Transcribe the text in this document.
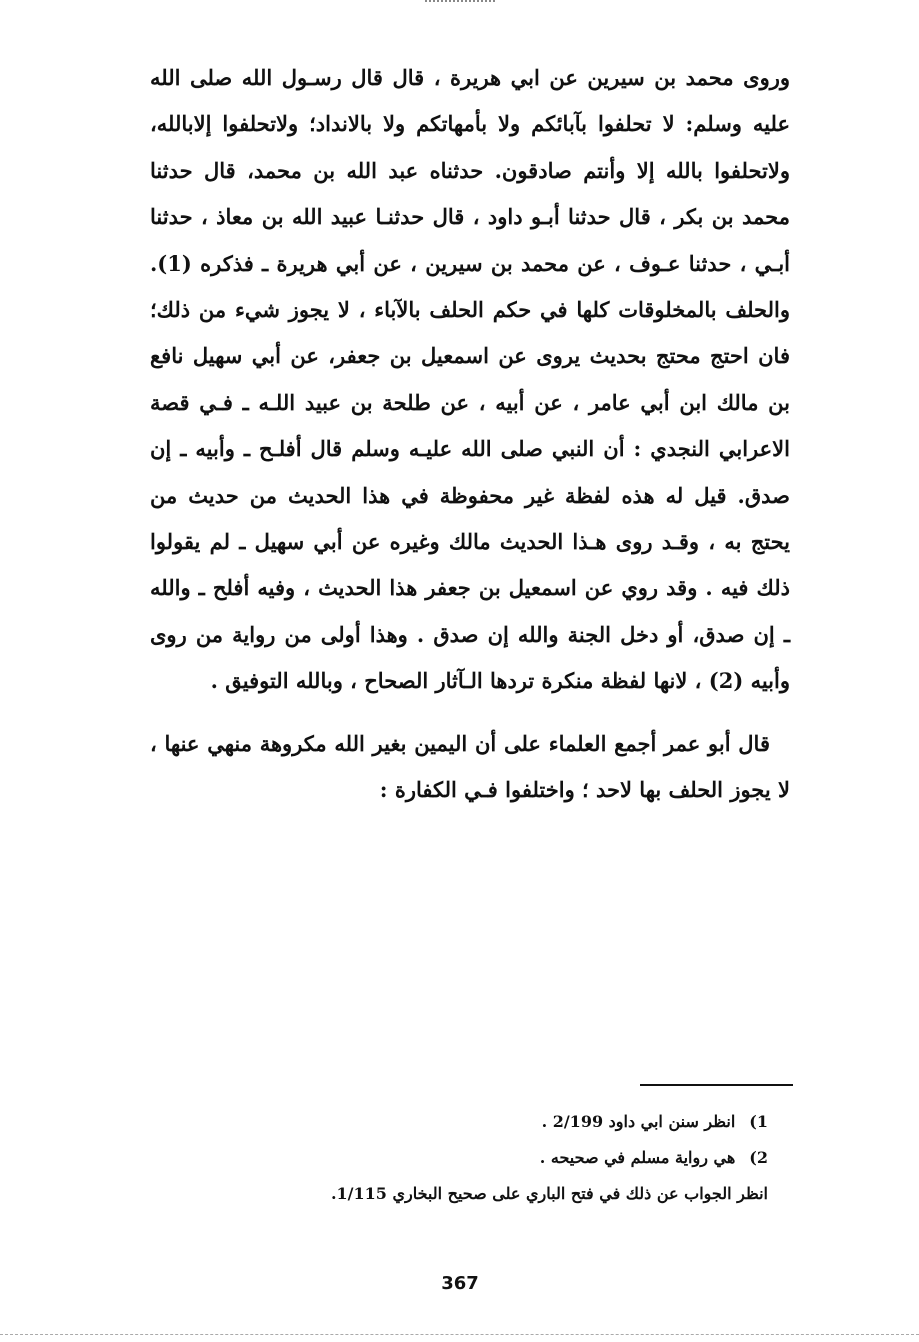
وروى محمد بن سيرين عن ابي هريرة ، قال قال رسـول الله صلى الله عليه وسلم: لا تحلفوا بآبائكم ولا بأمهاتكم ولا بالانداد؛ ولاتحلفوا إلابالله، ولاتحلفوا بالله إلا وأنتم صادقون. حدثناه عبد الله بن محمد، قال حدثنا محمد بن بكر ، قال حدثنا أبـو داود ، قال حدثنـا عبيد الله بن معاذ ، حدثنا أبـي ، حدثنا عـوف ، عن محمد بن سيرين ، عن أبي هريرة ـ فذكره (1). والحلف بالمخلوقات كلها في حكم الحلف بالآباء ، لا يجوز شيء من ذلك؛ فان احتج محتج بحديث يروى عن اسمعيل بن جعفر، عن أبي سهيل نافع بن مالك ابن أبي عامر ، عن أبيه ، عن طلحة بن عبيد اللـه ـ فـي قصة الاعرابي النجدي : أن النبي صلى الله عليـه وسلم قال أفلـح ـ وأبيه ـ إن صدق. قيل له هذه لفظة غير محفوظة في هذا الحديث من حديث من يحتج به ، وقـد روى هـذا الحديث مالك وغيره عن أبي سهيل ـ لم يقولوا ذلك فيه . وقد روي عن اسمعيل بن جعفر هذا الحديث ، وفيه أفلح ـ والله ـ إن صدق، أو دخل الجنة والله إن صدق . وهذا أولى من رواية من روى وأبيه (2) ، لانها لفظة منكرة تردها الـآثار الصحاح ، وبالله التوفيق .

قال أبو عمر أجمع العلماء على أن اليمين بغير الله مكروهة منهي عنها ، لا يجوز الحلف بها لاحد ؛ واختلفوا فـي الكفارة :

1)انظر سنن ابي داود 2/199 .
2)هي رواية مسلم في صحيحه .
انظر الجواب عن ذلك في فتح الباري على صحيح البخاري 1/115.
367
